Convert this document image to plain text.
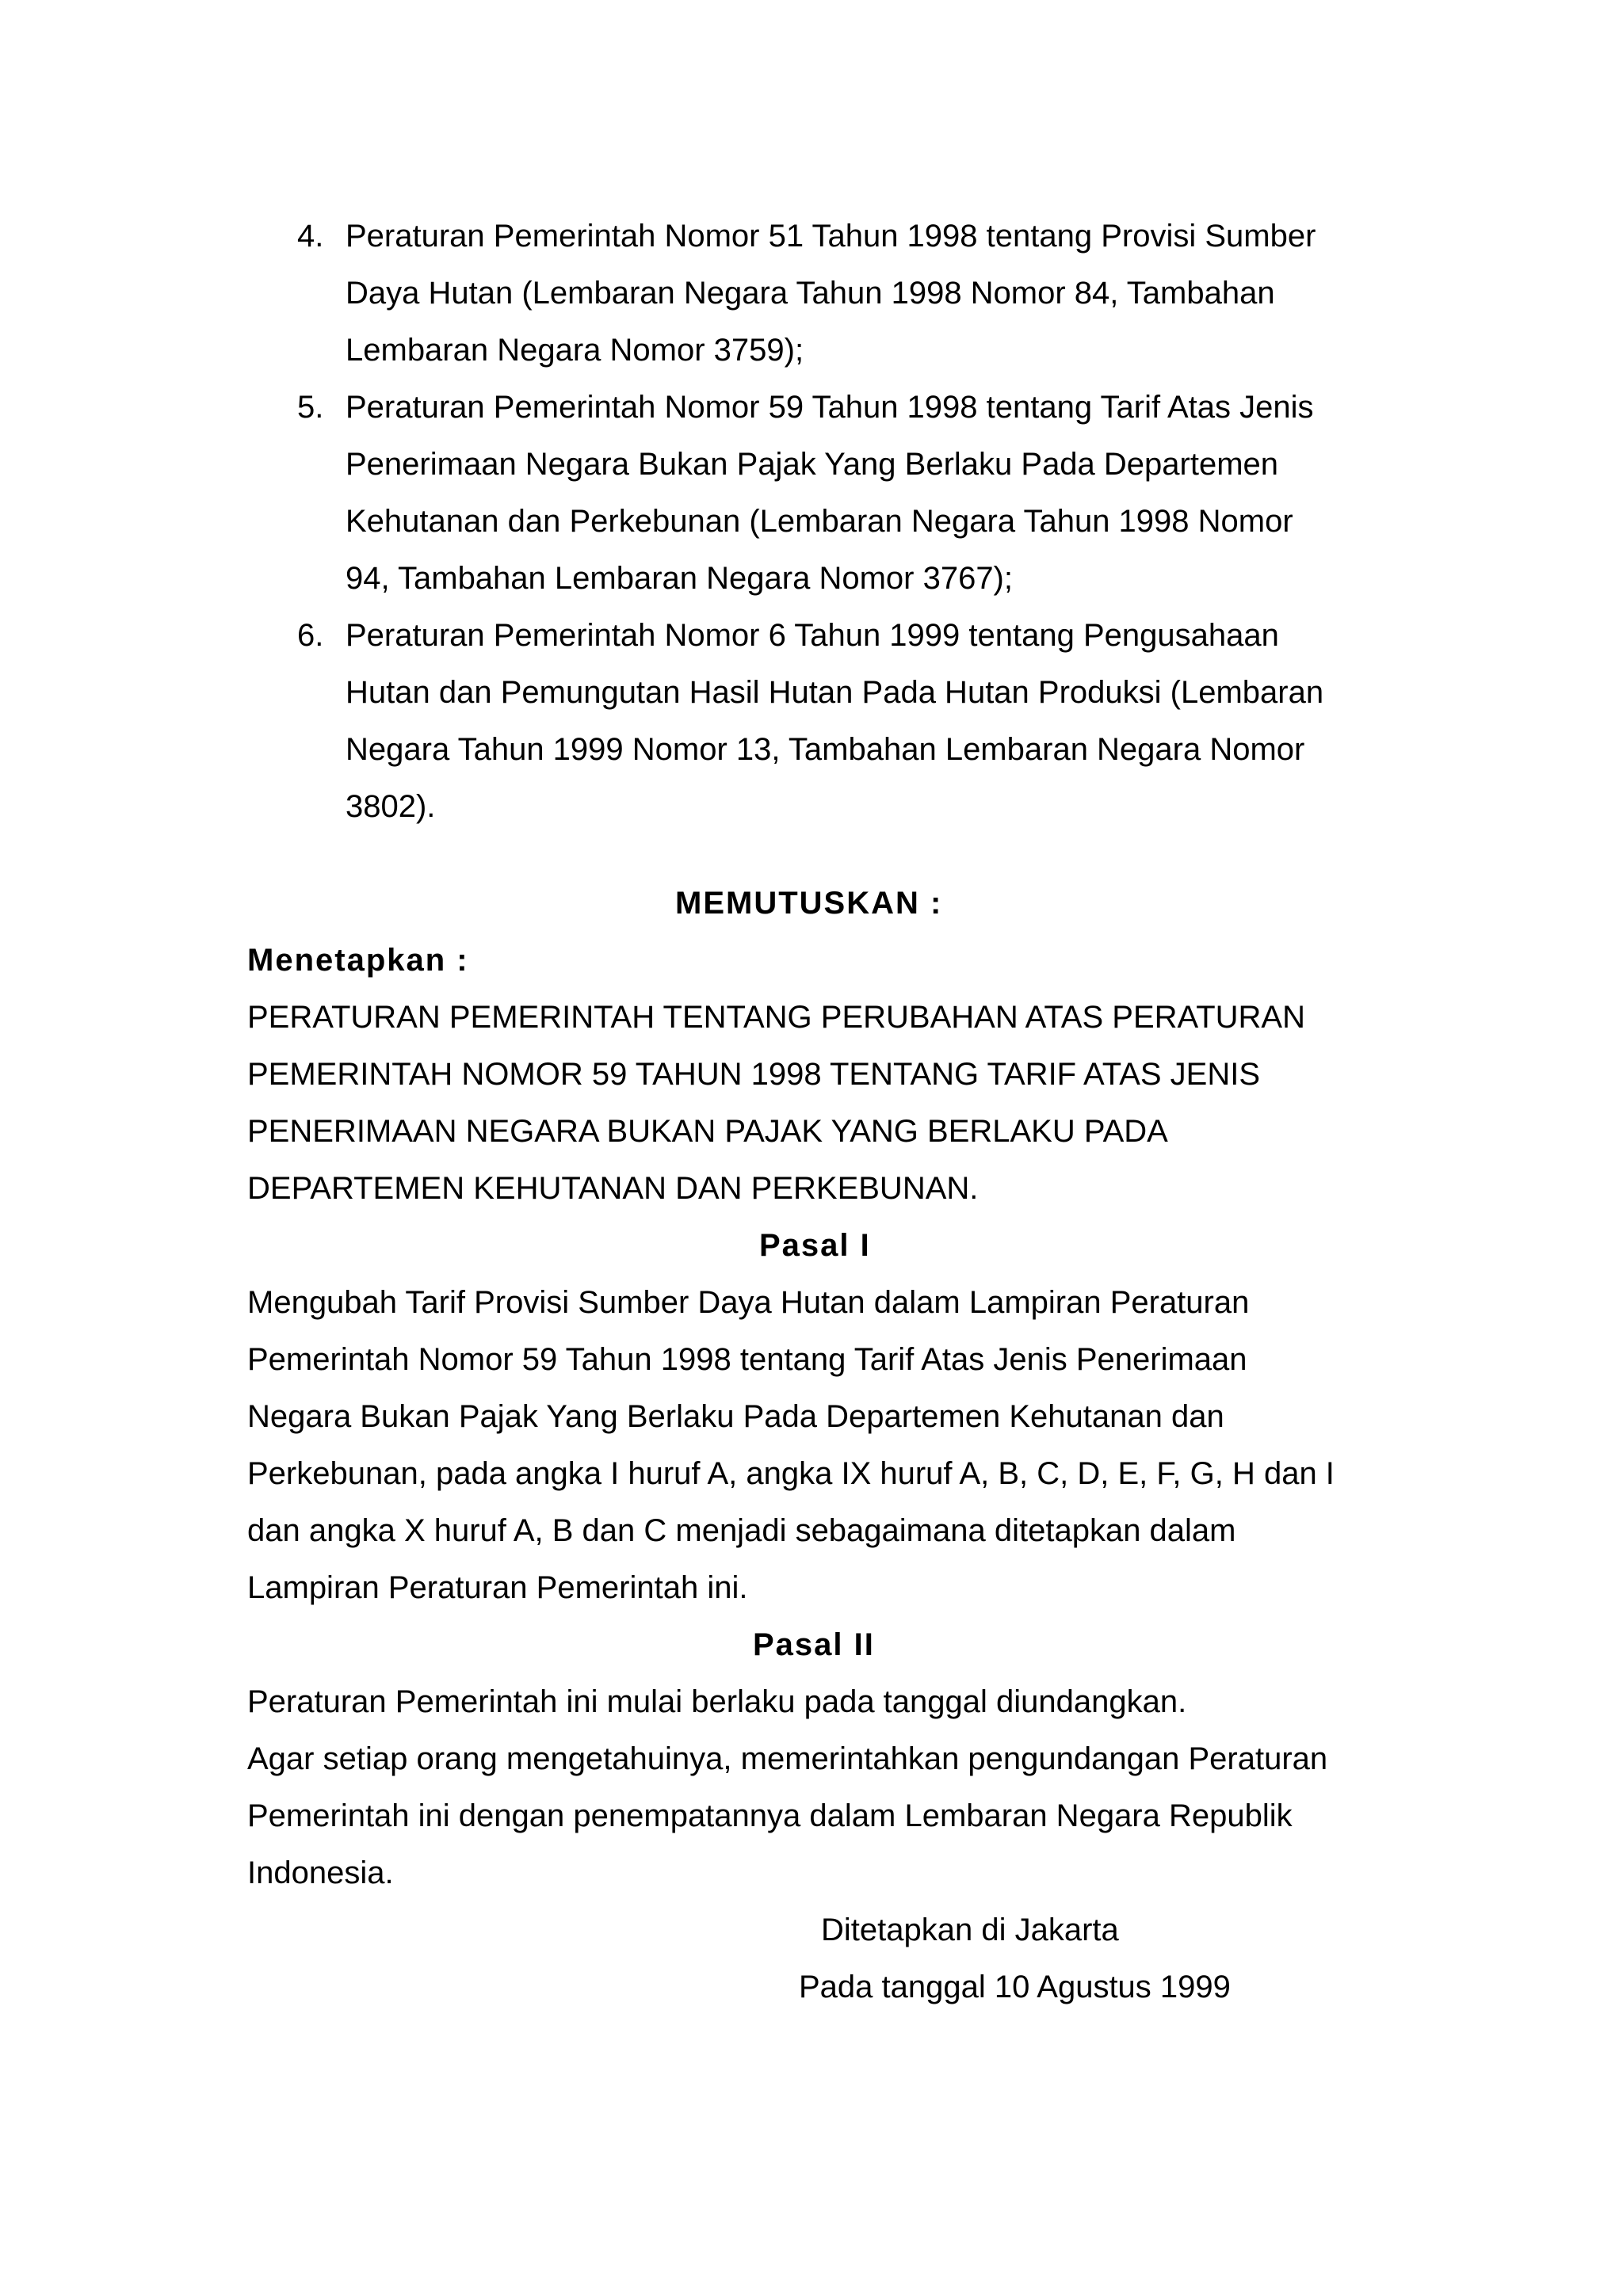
4. Peraturan Pemerintah Nomor 51 Tahun 1998 tentang Provisi Sumber

Daya Hutan (Lembaran Negara Tahun 1998 Nomor 84, Tambahan

Lembaran Negara Nomor 3759);

5. Peraturan Pemerintah Nomor 59 Tahun 1998 tentang Tarif Atas Jenis

Penerimaan Negara Bukan Pajak Yang Berlaku Pada Departemen

Kehutanan dan Perkebunan (Lembaran Negara Tahun 1998 Nomor

94, Tambahan Lembaran Negara Nomor 3767);

6. Peraturan Pemerintah Nomor 6 Tahun 1999 tentang Pengusahaan

Hutan dan Pemungutan Hasil Hutan Pada Hutan Produksi (Lembaran

Negara Tahun 1999 Nomor 13, Tambahan Lembaran Negara Nomor

3802).

MEMUTUSKAN :

Menetapkan :

PERATURAN PEMERINTAH TENTANG PERUBAHAN ATAS PERATURAN

PEMERINTAH NOMOR 59 TAHUN 1998 TENTANG TARIF ATAS JENIS

PENERIMAAN NEGARA BUKAN PAJAK YANG BERLAKU PADA

DEPARTEMEN KEHUTANAN DAN PERKEBUNAN.

Pasal I

Mengubah Tarif Provisi Sumber Daya Hutan dalam Lampiran Peraturan

Pemerintah Nomor 59 Tahun 1998 tentang Tarif Atas Jenis Penerimaan

Negara Bukan Pajak Yang Berlaku Pada Departemen Kehutanan dan

Perkebunan, pada angka I huruf A, angka IX huruf A, B, C, D, E, F, G, H dan I

dan angka X huruf A, B dan C menjadi sebagaimana ditetapkan dalam

Lampiran Peraturan Pemerintah ini.

Pasal II

Peraturan Pemerintah ini mulai berlaku pada tanggal diundangkan.

Agar setiap orang mengetahuinya, memerintahkan pengundangan Peraturan

Pemerintah ini dengan penempatannya dalam Lembaran Negara Republik

Indonesia.

Ditetapkan di Jakarta

Pada tanggal 10 Agustus 1999
